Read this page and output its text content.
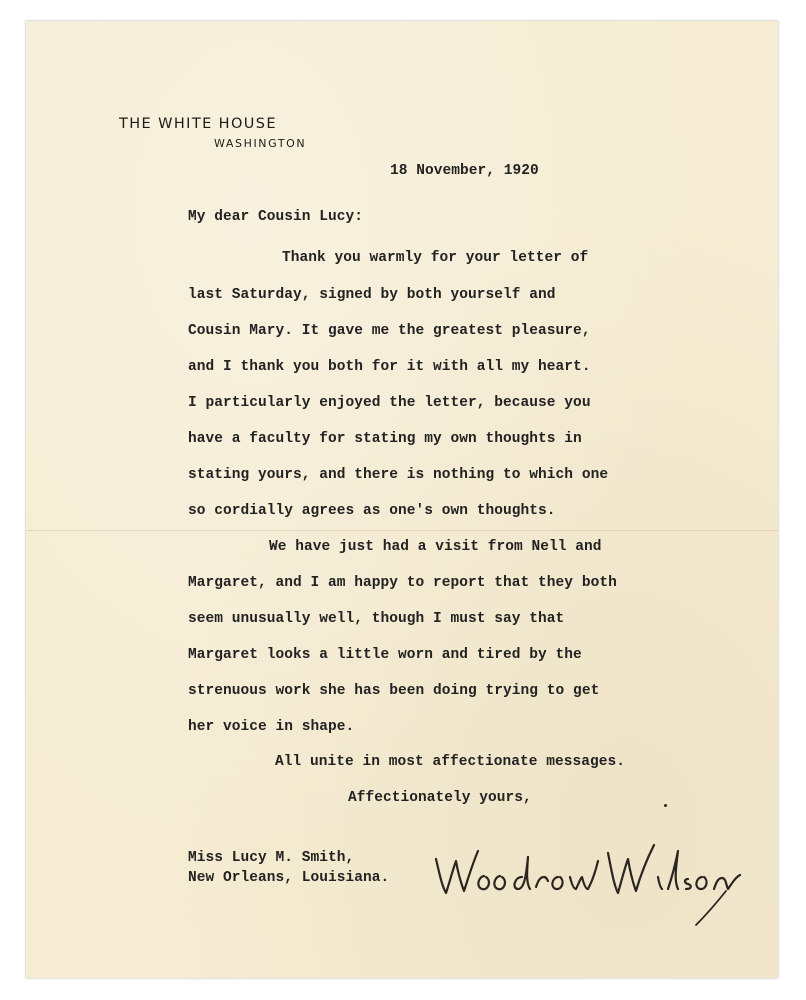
THE WHITE HOUSE
WASHINGTON
18 November, 1920
My dear Cousin Lucy:
Thank you warmly for your letter of
last Saturday, signed by both yourself and
Cousin Mary. It gave me the greatest pleasure,
and I thank you both for it with all my heart.
I particularly enjoyed the letter, because you
have a faculty for stating my own thoughts in
stating yours, and there is nothing to which one
so cordially agrees as one's own thoughts.
We have just had a visit from Nell and
Margaret, and I am happy to report that they both
seem unusually well, though I must say that
Margaret looks a little worn and tired by the
strenuous work she has been doing trying to get
her voice in shape.
All unite in most affectionate messages.
Affectionately yours,
Miss Lucy M. Smith,
New Orleans, Louisiana.
